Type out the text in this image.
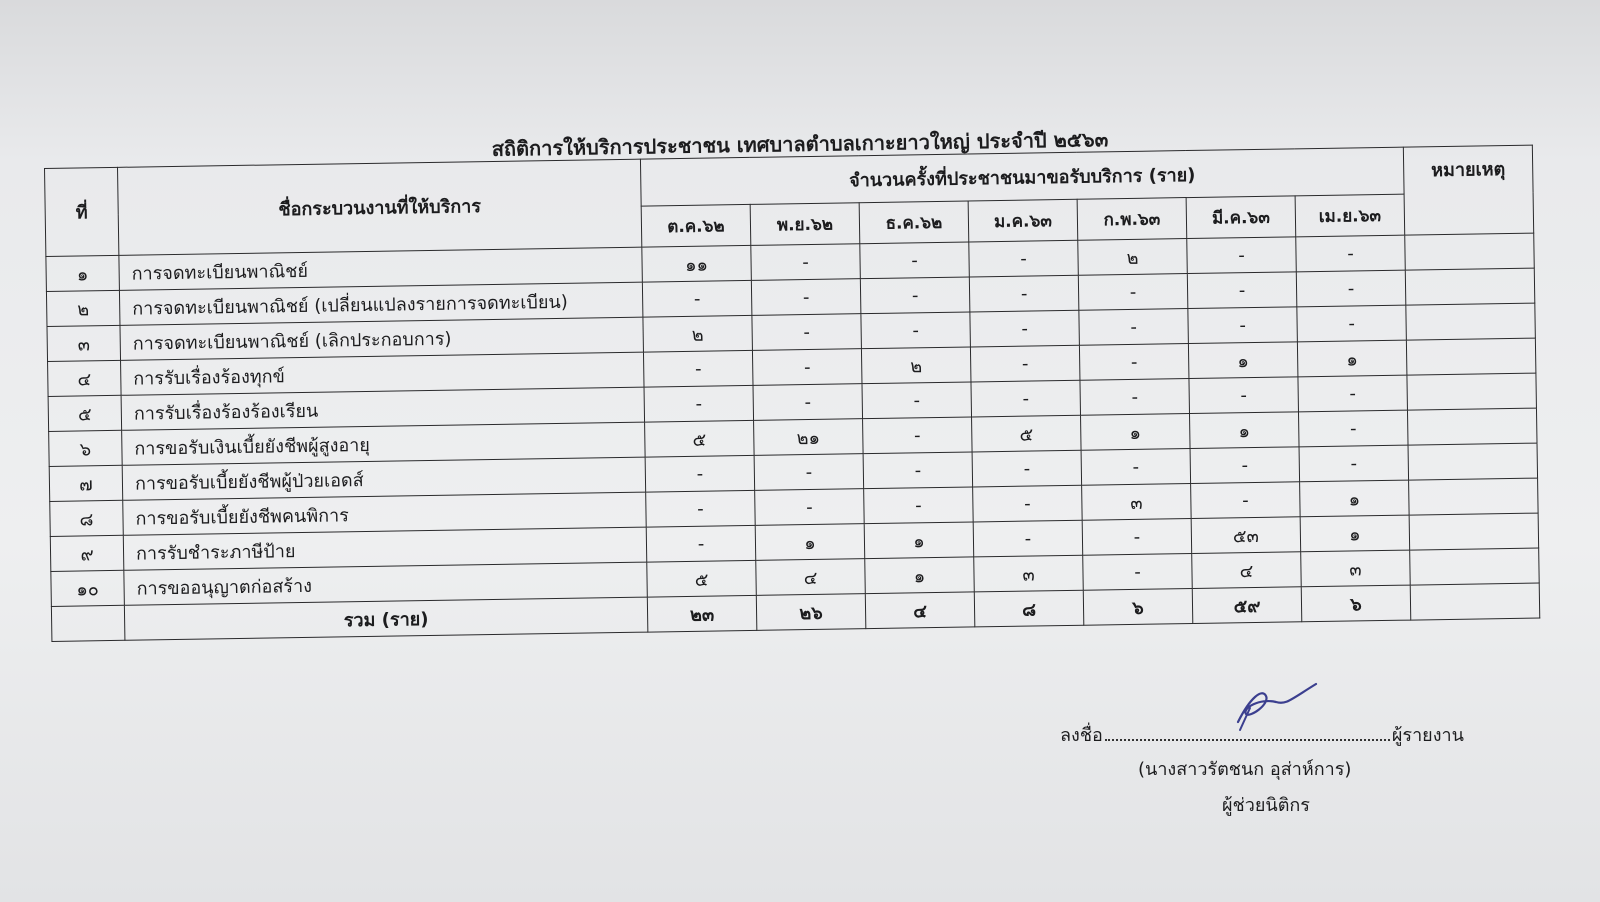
สถิติการให้บริการประชาชน เทศบาลตำบลเกาะยาวใหญ่ ประจำปี ๒๕๖๓
ที่	ชื่อกระบวนงานที่ให้บริการ	จำนวนครั้งที่ประชาชนมาขอรับบริการ (ราย)							หมายเหตุ
		ต.ค.๖๒	พ.ย.๖๒	ธ.ค.๖๒	ม.ค.๖๓	ก.พ.๖๓	มี.ค.๖๓	เม.ย.๖๓	
๑	การจดทะเบียนพาณิชย์	๑๑	-	-	-	๒	-	-	
๒	การจดทะเบียนพาณิชย์ (เปลี่ยนแปลงรายการจดทะเบียน)	-	-	-	-	-	-	-	
๓	การจดทะเบียนพาณิชย์ (เลิกประกอบการ)	๒	-	-	-	-	-	-	
๔	การรับเรื่องร้องทุกข์	-	-	๒	-	-	๑	๑	
๕	การรับเรื่องร้องร้องเรียน	-	-	-	-	-	-	-	
๖	การขอรับเงินเบี้ยยังชีพผู้สูงอายุ	๕	๒๑	-	๕	๑	๑	-	
๗	การขอรับเบี้ยยังชีพผู้ป่วยเอดส์	-	-	-	-	-	-	-	
๘	การขอรับเบี้ยยังชีพคนพิการ	-	-	-	-	๓	-	๑	
๙	การรับชำระภาษีป้าย	-	๑	๑	-	-	๕๓	๑	
๑๐	การขออนุญาตก่อสร้าง	๕	๔	๑	๓	-	๔	๓	
	รวม (ราย)	๒๓	๒๖	๔	๘	๖	๕๙	๖	
ลงชื่อ	ผู้รายงาน
(นางสาวรัตชนก อุส่าห์การ)
ผู้ช่วยนิติกร
